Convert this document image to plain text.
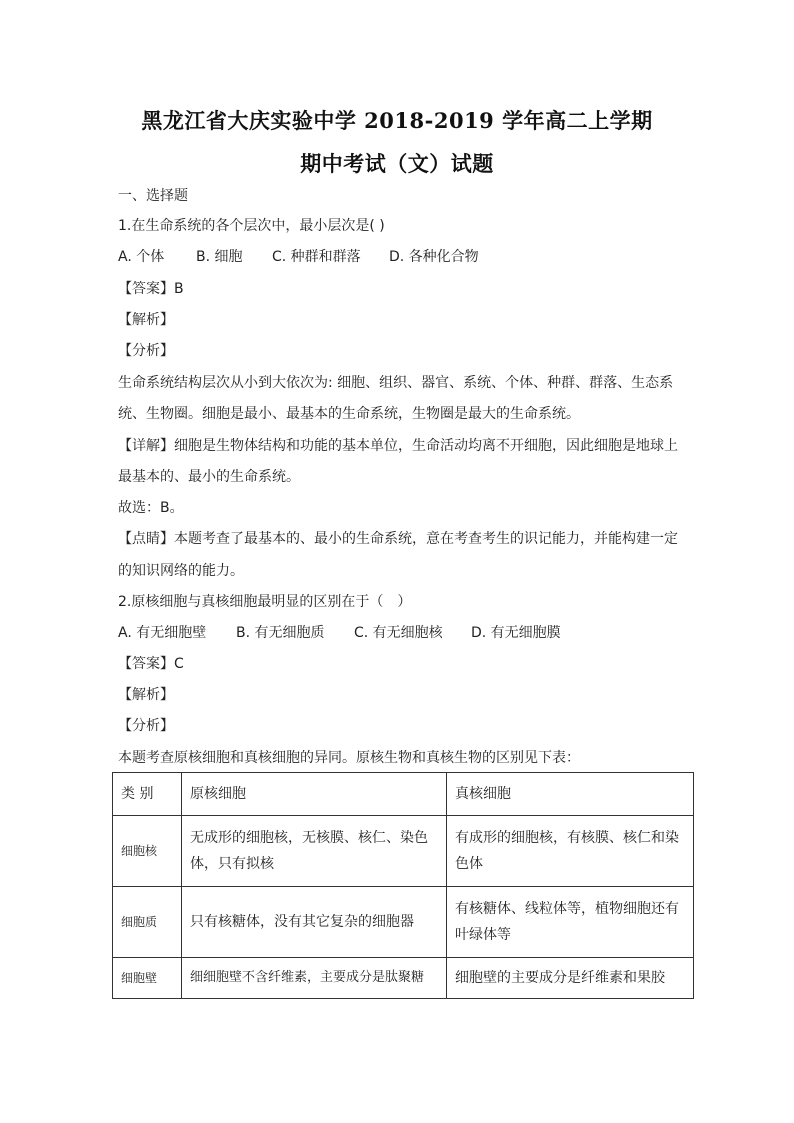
黑龙江省大庆实验中学 2018-2019 学年高二上学期
期中考试（文）试题
一、选择题
1.在生命系统的各个层次中，最小层次是( )
A. 个体 B. 细胞 C. 种群和群落 D. 各种化合物
【答案】B
【解析】
【分析】
生命系统结构层次从小到大依次为: 细胞、组织、器官、系统、个体、种群、群落、生态系
统、生物圈。细胞是最小、最基本的生命系统，生物圈是最大的生命系统。
【详解】细胞是生物体结构和功能的基本单位，生命活动均离不开细胞，因此细胞是地球上
最基本的、最小的生命系统。
故选：B。
【点睛】本题考查了最基本的、最小的生命系统，意在考查考生的识记能力，并能构建一定
的知识网络的能力。
2.原核细胞与真核细胞最明显的区别在于（　）
A. 有无细胞壁 B. 有无细胞质 C. 有无细胞核 D. 有无细胞膜
【答案】C
【解析】
【分析】
本题考查原核细胞和真核细胞的异同。原核生物和真核生物的区别见下表：
类 别	原核细胞	真核细胞
细胞核	无成形的细胞核，无核膜、核仁、染色体，只有拟核	有成形的细胞核，有核膜、核仁和染色体
细胞质	只有核糖体，没有其它复杂的细胞器	有核糖体、线粒体等，植物细胞还有叶绿体等
细胞壁	细细胞壁不含纤维素，主要成分是肽聚糖	细胞壁的主要成分是纤维素和果胶
